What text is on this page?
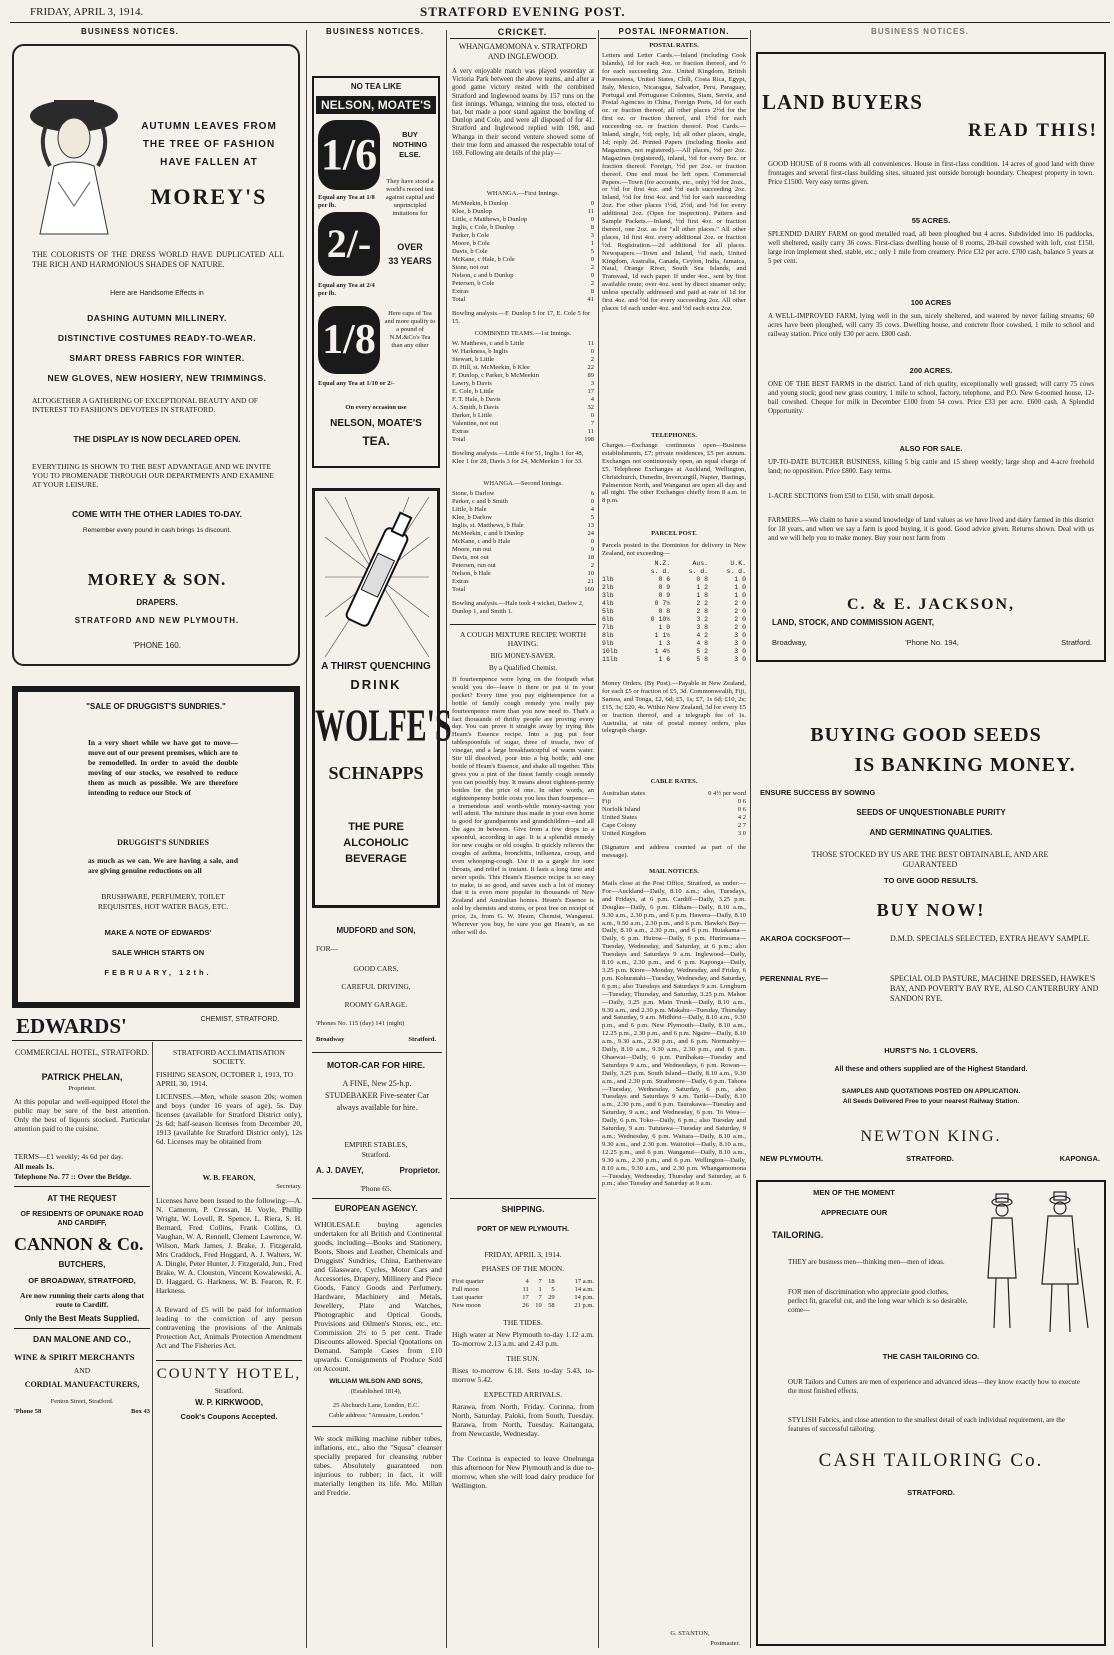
FRIDAY, APRIL 3, 1914.	STRATFORD EVENING POST.
BUSINESS NOTICES.	BUSINESS NOTICES.	CRICKET.	POSTAL INFORMATION.	BUSINESS NOTICES.
AUTUMN LEAVES FROM
THE TREE OF FASHION
HAVE FALLEN AT
MOREY'S
THE COLORISTS OF THE DRESS WORLD HAVE DUPLICATED ALL THE RICH AND HARMONIOUS SHADES OF NATURE.
Here are Handsome Effects in
DASHING AUTUMN MILLINERY.
DISTINCTIVE COSTUMES READY-TO-WEAR.
SMART DRESS FABRICS FOR WINTER.
NEW GLOVES, NEW HOSIERY, NEW TRIMMINGS.
ALTOGETHER A GATHERING OF EXCEPTIONAL BEAUTY AND OF INTEREST TO FASHION'S DEVOTEES IN STRATFORD.
THE DISPLAY IS NOW DECLARED OPEN.
EVERYTHING IS SHOWN TO THE BEST ADVANTAGE AND WE INVITE YOU TO PROMENADE THROUGH OUR DEPARTMENTS AND EXAMINE AT YOUR LEISURE.
COME WITH THE OTHER LADIES TO-DAY.
Remember every pound in cash brings 1s discount.
MOREY & SON.
DRAPERS.
STRATFORD AND NEW PLYMOUTH.
'PHONE 160.
"SALE OF DRUGGIST'S SUNDRIES."
In a very short while we have got to move—move out of our present premises, which are to be remodelled. In order to avoid the double moving of our stocks, we resolved to reduce them as much as possible. We are therefore intending to reduce our Stock of
DRUGGIST'S SUNDRIES
as much as we can. We are having a sale, and are giving genuine reductions on all
BRUSHWARE, PERFUMERY, TOILET REQUISITES, HOT WATER BAGS, ETC.
MAKE A NOTE OF EDWARDS'
SALE WHICH STARTS ON
FEBRUARY, 12th.
EDWARDS'	CHEMIST, STRATFORD.
COMMERCIAL HOTEL, STRATFORD.
PATRICK PHELAN,
Proprietor.
At this popular and well-equipped Hotel the public may be sure of the best attention. Only the best of liquors stocked. Particular attention paid to the cuisine.
TERMS—£1 weekly; 4s 6d per day.
All meals 1s.
Telephone No. 77 :: Over the Bridge.
AT THE REQUEST
OF RESIDENTS OF OPUNAKE ROAD AND CARDIFF,
CANNON & Co.
BUTCHERS,
OF BROADWAY, STRATFORD,
Are now running their carts along that route to Cardiff.
Only the Best Meats Supplied.
DAN MALONE AND CO.,
WINE & SPIRIT MERCHANTS
AND
CORDIAL MANUFACTURERS,
Fenton Street, Stratford.
'Phone 58	Box 43
STRATFORD ACCLIMATISATION SOCIETY.
FISHING SEASON, OCTOBER 1, 1913, TO APRIL 30, 1914.
LICENSES.—Men, whole season 20s; women and boys (under 16 years of age), 5s. Day licenses (available for Stratford District only), 2s 6d; half-season licenses from December 20, 1913 (available for Stratford District only), 12s 6d. Licenses may be obtained from
W. B. FEARON,
Secretary.
Licenses have been issued to the following:—A. N. Cameron, P. Cressan, H. Voyle, Phillip Wright, W. Lovell, R. Spence, L. Riera, S. H. Bernard, Fred Collins, Frank Collins, O. Vaughan, W. A. Rennell, Clement Lawrence, W. Wilson, Mark James, J. Brake, J. Fitzgerald, Mrs Craddock, Fred Hoggard, A. J. Walters, W. A. Dingle, Peter Hunter, J. Fitzgerald, Jun., Fred Brake, W. A. Clouston, Vincent Kowalewski, A. D. Haggard, G. Harkness, W. B. Fearon, R. F. Harkness.
A Reward of £5 will be paid for information leading to the conviction of any person contravening the provisions of the Animals Protection Act, Animals Protection Amendment Act and The Fisheries Act.
COUNTY HOTEL,
Stratford.
W. P. KIRKWOOD,
Cook's Coupons Accepted.
NO TEA LIKE
NELSON, MOATE'S
1/6	BUY NOTHING ELSE.
Equal any Tea at 1/8 per lb.
They have stood a world's record test against capital and unprincipled imitations for
2/-	OVER
33 YEARS
Equal any Tea at 2/4 per lb.
1/8
Here caps of Tea and more quality to a pound of N.M.&Co's Tea than any other
Equal any Tea at 1/10 or 2/-
On every occasion use
NELSON, MOATE'S
TEA.
A THIRST QUENCHING
DRINK
WOLFE'S
SCHNAPPS
THE PURE ALCOHOLIC BEVERAGE
MUDFORD and SON,
FOR—
GOOD CARS,
CAREFUL DRIVING,
ROOMY GARAGE.
'Phones No. 115 (day) 141 (night)
Broadway	Stratford.
MOTOR-CAR FOR HIRE.
A FINE, New 25-h.p. STUDEBAKER Five-seater Car always available for hire.
EMPIRE STABLES,
Stratford.
A. J. DAVEY,	Proprietor.
'Phone 65.
EUROPEAN AGENCY.
WHOLESALE buying agencies undertaken for all British and Continental goods, including—Books and Stationery, Boots, Shoes and Leather, Chemicals and Druggists' Sundries, China, Earthenware and Glassware, Cycles, Motor Cars and Accessories, Drapery, Millinery and Piece Goods, Fancy Goods and Perfumery, Hardware, Machinery and Metals, Jewellery, Plate and Watches, Photographic and Optical Goods, Provisions and Oilmen's Stores, etc., etc. Commission 2½ to 5 per cent. Trade Discounts allowed. Special Quotations on Demand. Sample Cases from £10 upwards. Consignments of Produce Sold on Account.
WILLIAM WILSON AND SONS,
(Established 1814),
25 Abchurch Lane, London, E.C.
Cable address: "Annuaire, London."
We stock milking machine rubber tubes, inflations, etc., also the "Squsa" cleanser specially prepared for cleansing rubber tubes. Absolutely guaranteed non injurious to rubber; in fact, it will materially lengthen its life. Mo. Millan and Fredrie.
WHANGAMOMONA v. STRATFORD AND INGLEWOOD.
A very enjoyable match was played yesterday at Victoria Park between the above teams, and after a good game victory rested with the combined Stratford and Inglewood teams by 157 runs on the first innings. Whanga, winning the toss, elected to bat, but made a poor stand against the bowling of Dunlop and Cole, and were all disposed of for 41. Stratford and Inglewood replied with 198, and Whanga in their second venture showed some of their true form and amassed the respectable total of 169. Following are details of the play—
WHANGA.—First Innings.
McMeekin, b Dunlop	0
Klee, b Dunlop	11
Little, c Matthews, b Dunlop	0
Inglis, c Cole, b Dunlop	8
Parker, b Cole	3
Moore, b Cole	1
Davis, b Cole	5
McKane, c Hale, b Cole	0
Stone, not out	2
Nelson, c and b Dunlop	0
Petersen, b Cole	2
Extras	8
Total	41
Bowling analysis.—F. Dunlop 5 for 17, E. Cole 5 for 15.
COMBINED TEAMS.—1st Innings.
W. Matthews, c and b Little	11
W. Harkness, b Inglis	0
Stewart, b Little	2
D. Hill, st. McMeekin, b Klee	22
F. Dunlop, c Parker, b McMeekin	89
Lawry, b Davis	3
E. Cole, b Little	17
F. T. Hale, b Davis	4
A. Smith, b Davis	32
Darker, b Little	0
Valentine, not out	7
Extras	11
Total	198
Bowling analysis.—Little 4 for 51, Inglis 1 for 48, Klee 1 for 28, Davis 3 for 24, McMeekin 1 for 33.
WHANGA.—Second Innings.
Stone, b Darlow	6
Parker, c and b Smith	0
Little, b Hale	4
Klee, b Darlow	5
Inglis, st. Matthews, b Hale	13
McMeekin, c and b Dunlop	24
McKane, c and b Hale	0
Moore, run out	9
Davis, not out	18
Petersen, run out	2
Nelson, b Hale	10
Extras	21
Total	169
Bowling analysis.—Hale took 4 wicket, Darlow 2, Dunlop 1, and Smith 1.
A COUGH MIXTURE RECIPE WORTH HAVING.
BIG MONEY-SAVER.
By a Qualified Chemist.
If fourteenpence were lying on the footpath what would you do—leave it there or put it in your pocket? Every time you pay eighteenpence for a bottle of family cough remedy you really pay fourteenpence more than you now need to. That's a fact thousands of thrifty people are proving every day. You can prove it straight away by trying this Heam's Essence recipe. Into a jug put four tablespoonfuls of sugar, three of treacle, two of vinegar, and a large breakfastcupful of warm water. Stir till dissolved, pour into a big bottle, add one bottle of Heam's Essence, and shake all together. This gives you a pint of the finest family cough remedy you can possibly buy. It means about eighteen-penny bottles for the price of one. In other words, an eighteenpenny bottle costs you less than fourpence—a tremendous and worth-while money-saving you will admit. The mixture thus made in your own home is good for grandparents and grandchildren—and all the ages in between. Give from a few drops to a spoonful, according to age. It is a splendid remedy for new coughs or old coughs. It quickly relieves the coughs of asthma, bronchitis, influenza, croup, and even whooping-cough. Use it as a gargle for sore throats, and relief is instant. It lasts a long time and never spoils. This Heam's Essence recipe is so easy to make, is so good, and saves such a lot of money that it is even more popular in thousands of New Zealand and Australian homes. Heam's Essence is sold by chemists and stores, or post free on receipt of price, 2s, from G. W. Heam, Chemist, Wanganui. Wherever you buy, be sure you get Heam's, as no other will do.
SHIPPING.
PORT OF NEW PLYMOUTH.
FRIDAY, APRIL 3, 1914.
PHASES OF THE MOON.
First quarter	4	7	18	17 a.m.
Full moon	11	1	5	14 a.m.
Last quarter	17	7	29	14 p.m.
New moon	26	10	58	21 p.m.
THE TIDES.
High water at New Plymouth to-day 1.12 a.m. To-morrow 2.13 a.m. and 2.43 p.m.
THE SUN.
Rises to-morrow 6.18. Sets to-day 5.43, to-morrow 5.42.
EXPECTED ARRIVALS.
Rarawa, from North, Friday. Corinna, from North, Saturday. Paloki, from South, Tuesday. Rarawa, from North, Tuesday. Kaitangata, from Newcastle, Wednesday.
The Corinna is expected to leave Onehunga this afternoon for New Plymouth and is due to-morrow, when she will load dairy produce for Wellington.
POSTAL RATES.
Letters and Letter Cards.—Inland (including Cook Islands), 1d for each 4oz. or fraction thereof, and ½ for each succeeding 2oz. United Kingdom, British Possessions, United States, Chili, Costa Rica, Egypt, Italy, Mexico, Nicaragua, Salvador, Peru, Paraguay, Portugal and Portuguese Colonies, Siam, Servia, and Postal Agencies in China, Foreign Ports, 1d for each oz. or fraction thereof; all other places 2½d for the first oz. or fraction thereof, and 1½d for each succeeding oz. or fraction thereof. Post Cards.—Inland, single, ½d; reply, 1d; all other places, single, 1d; reply 2d. Printed Papers (including Books and Magazines, not registered).—All places, ½d per 2oz. Magazines (registered), inland, ½d for every 8oz. or fraction thereof. Foreign, ½d per 2oz. or fraction thereof. One end must be left open. Commercial Papers.—Town (for accounts, etc., only) ½d for 2ozs., or ½d for first 4oz. and ½d each succeeding 2oz. Inland, ½d for first 4oz. and ½d for each succeeding 2oz. For other places 1½d, 2½d, and ½d for every additional 2oz. (Open for inspection). Pattern and Sample Packets.—Inland, ½d first 4oz. or fraction thereof, one 2oz. as for "all other places." All other places, 1d first 4oz. every additional 2oz. or fraction ½d. Registration.—2d additional for all places. Newspapers.—Town and Inland, ½d each, United Kingdom, Australia, Canada, Ceylon, India, Jamaica, Natal, Orange River, South Sea Islands, and Transvaal, 1d each paper. If under 4oz., sent by first available route; over 4oz. sent by direct steamer only; unless specially addressed and paid at rate of 1d for first 4oz. and ½d for every succeeding 2oz. All other places 1d each under 4oz. and ½d each extra 2oz.
TELEPHONES.
Charges.—Exchange continuous open—Business establishments, £7; private residences, £5 per annum. Exchanges not continuously open, an equal charge of £5. Telephone Exchanges at Auckland, Wellington, Christchurch, Dunedin, Invercargill, Napier, Hastings, Palmerston North, and Wanganui are open all day and all night. The other Exchanges chiefly from 8 a.m. to 8 p.m.
PARCEL POST.
Parcels posted in the Dominion for delivery in New Zealand, not exceeding—
	N.Z.	Aus.	U.K.
	s. d.	s. d.	s. d.
1lb	0 6	0 8	1 0
2lb	0 9	1 2	1 0
3lb	0 9	1 8	1 0
4lb	0 7½	2 2	2 0
5lb	0 8	2 8	2 0
6lb	0 10½	3 2	2 0
7lb	1 0	3 8	2 0
8lb	1 1½	4 2	3 0
9lb	1 3	4 8	3 0
10lb	1 4½	5 2	3 0
11lb	1 6	5 8	3 0
Money Orders. (By Post).—Payable in New Zealand, for each £5 or fraction of £5, 3d. Commonwealth, Fiji, Samoa, and Tonga, £2, 6d; £5, 1s; £7, 1s 6d; £10, 2s; £15, 3s; £20, 4s. Within New Zealand, 3d for every £5 or fraction thereof, and a telegraph fee of 1s. Australia, at rate of postal money orders, plus telegraph charge.
CABLE RATES.
Australian states	0 4½ per word
Fiji	0 6
Norfolk Island	0 6
United States	4 2
Cape Colony	2 7
United Kingdom	3 0
(Signature and address counted as part of the message).
MAIL NOTICES.
Mails close at the Post Office, Stratford, as under:—For—Auckland—Daily, 8.10 a.m.; also, Tuesdays, and Fridays, at 6 p.m. Cardiff—Daily, 3.25 p.m. Douglas—Daily, 6 p.m. Eltham—Daily, 8.10 a.m., 9.30 a.m., 2.30 p.m., and 6 p.m. Hawera—Daily, 8.10 a.m., 9.50 a.m., 2.30 p.m., and 6 p.m. Hawke's Bay—Daily, 8.10 a.m., 2.30 p.m., and 6 p.m. Huiakama—Daily, 6 p.m. Huiroa—Daily, 6 p.m. Hurimoana—Tuesday, Wednesday, and Saturday, at 6 p.m.; also Tuesdays and Saturdays 9 a.m. Inglewood—Daily, 8.10 a.m., 2.30 p.m., and 6 p.m. Kaponga—Daily, 3.25 p.m. Kiore—Monday, Wednesday, and Friday, 6 p.m. Kohuratahi—Tuesday, Wednesday, and Saturday, 6 p.m.; also Tuesdays and Saturdays 9 a.m. Longburn—Tuesday, Thursday, and Saturday, 3.25 p.m. Mahoe—Daily, 3.25 p.m. Main Trunk—Daily, 8.10 a.m., 9.30 a.m., and 2.30 p.m. Makahu—Tuesday, Thursday and Saturday, 9 a.m. Midhirst—Daily, 8.10 a.m., 9.30 p.m., and 6 p.m. New Plymouth—Daily, 8.10 a.m., 12.25 p.m., 2.30 p.m., and 6 p.m. Ngaire—Daily, 8.10 a.m., 9.30 a.m., 2.30 p.m., and 6 p.m. Normanby—Daily, 8.10 a.m., 9.30 a.m., 2.30 p.m., and 6 p.m. Ohaewai—Daily, 6 p.m. Punlhakau—Tuesday and Saturdays 9 a.m., and Wednesdays, 6 p.m. Rowan—Daily, 3.25 p.m. South Island—Daily, 8.10 a.m., 9.30 a.m., and 2.30 p.m. Strathmore—Daily, 6 p.m. Tahora—Tuesday, Wednesday, Saturday, 6 p.m., also Tuesdays and Saturdays 9 a.m. Tariki—Daily, 8.10 a.m., 2.30 p.m., and 6 p.m. Taurakawa—Tuesday and Saturday, 9 a.m.; and Wednesday, 6 p.m. To Wera—Daily, 6 p.m. Toko—Daily, 6 p.m.; also Tuesday and Saturday, 9 a.m. Tututawa—Tuesday and Saturday, 9 a.m.; Wednesday, 6 p.m. Waitara—Daily, 8.10 a.m., 9.30 a.m., and 2.30 p.m. Waitoitoi—Daily, 8.10 a.m., 12.25 p.m., and 6 p.m. Wanganui—Daily, 8.10 a.m., 9.30 a.m., 2.30 p.m., and 6 p.m. Wellington—Daily, 8.10 a.m., 9.30 a.m., and 2.30 p.m. Whangamomona—Tuesday, Wednesday, Thursday and Saturday, at 6 p.m.; also Tuesday and Saturday at 9 a.m.
G. STANTON,
Postmaster.
LAND BUYERS
READ THIS!
GOOD HOUSE of 8 rooms with all conveniences. House in first-class condition. 14 acres of good land with three frontages and several first-class building sites, situated just outside borough boundary. Cheapest property in town. Price £1500. Very easy terms given.
55 ACRES.
SPLENDID DAIRY FARM on good metalled road, all been ploughed but 4 acres. Subdivided into 16 paddocks, well sheltered, easily carry 36 cows. First-class dwelling house of 8 rooms, 20-bail cowshed with loft, cost £150, large iron implement shed, stable, etc.; only 1 mile from creamery. Price £32 per acre. £700 cash, balance 5 years at 5 per cent.
100 ACRES
A WELL-IMPROVED FARM, lying well in the sun, nicely sheltered, and watered by never failing streams; 60 acres have been ploughed, will carry 35 cows. Dwelling house, and concrete floor cowshed, 1 mile to school and railway station. Price only £30 per acre. £800 cash.
200 ACRES.
ONE OF THE BEST FARMS in the district. Land of rich quality, exceptionally well grassed; will carry 75 cows and young stock; good new grass country, 1 mile to school, factory, telephone, and P.O. New 6-roomed house, 12-bail cowshed. Cheque for milk in December £100 from 54 cows. Price £33 per acre. £600 cash. A Splendid Opportunity.
ALSO FOR SALE.
UP-TO-DATE BUTCHER BUSINESS, killing 5 big cattle and 15 sheep weekly; large shop and 4-acre freehold land; no opposition. Price £800. Easy terms.
1-ACRE SECTIONS from £50 to £150, with small deposit.
FARMERS.—We claim to have a sound knowledge of land values as we have lived and dairy farmed in this district for 18 years, and when we say a farm is good buying, it is good. Good advice given. Returns shown. Deal with us and we will help you to make money. Buy your next farm from
C. & E. JACKSON,
LAND, STOCK, AND COMMISSION AGENT,
Broadway,	'Phone No. 194,	Stratford.
BUYING GOOD SEEDS
IS BANKING MONEY.
ENSURE SUCCESS BY SOWING
SEEDS OF UNQUESTIONABLE PURITY
AND GERMINATING QUALITIES.
THOSE STOCKED BY US ARE THE BEST OBTAINABLE, AND ARE GUARANTEED
TO GIVE GOOD RESULTS.
BUY NOW!
AKAROA COCKSFOOT—	D.M.D. SPECIALS SELECTED, EXTRA HEAVY SAMPLE.
PERENNIAL RYE—	SPECIAL OLD PASTURE, MACHINE DRESSED, HAWKE'S BAY, AND POVERTY BAY RYE, ALSO CANTERBURY AND SANDON RYE.
HURST'S No. 1 CLOVERS.
All these and others supplied are of the Highest Standard.
SAMPLES AND QUOTATIONS POSTED ON APPLICATION.
All Seeds Delivered Free to your nearest Railway Station.
NEWTON KING.
NEW PLYMOUTH.	STRATFORD.	KAPONGA.
MEN OF THE MOMENT
APPRECIATE OUR
TAILORING.
THEY are business men—thinking men—men of ideas.
FOR men of discrimination who appreciate good clothes, perfect fit, graceful cut, and the long wear which is so desirable, come—
THE CASH TAILORING CO.
OUR Tailors and Cutters are men of experience and advanced ideas—they know exactly how to execute the most finished effects.
STYLISH Fabrics, and close attention to the smallest detail of each individual requirement, are the features of successful tailoring.
CASH TAILORING Co.
STRATFORD.
